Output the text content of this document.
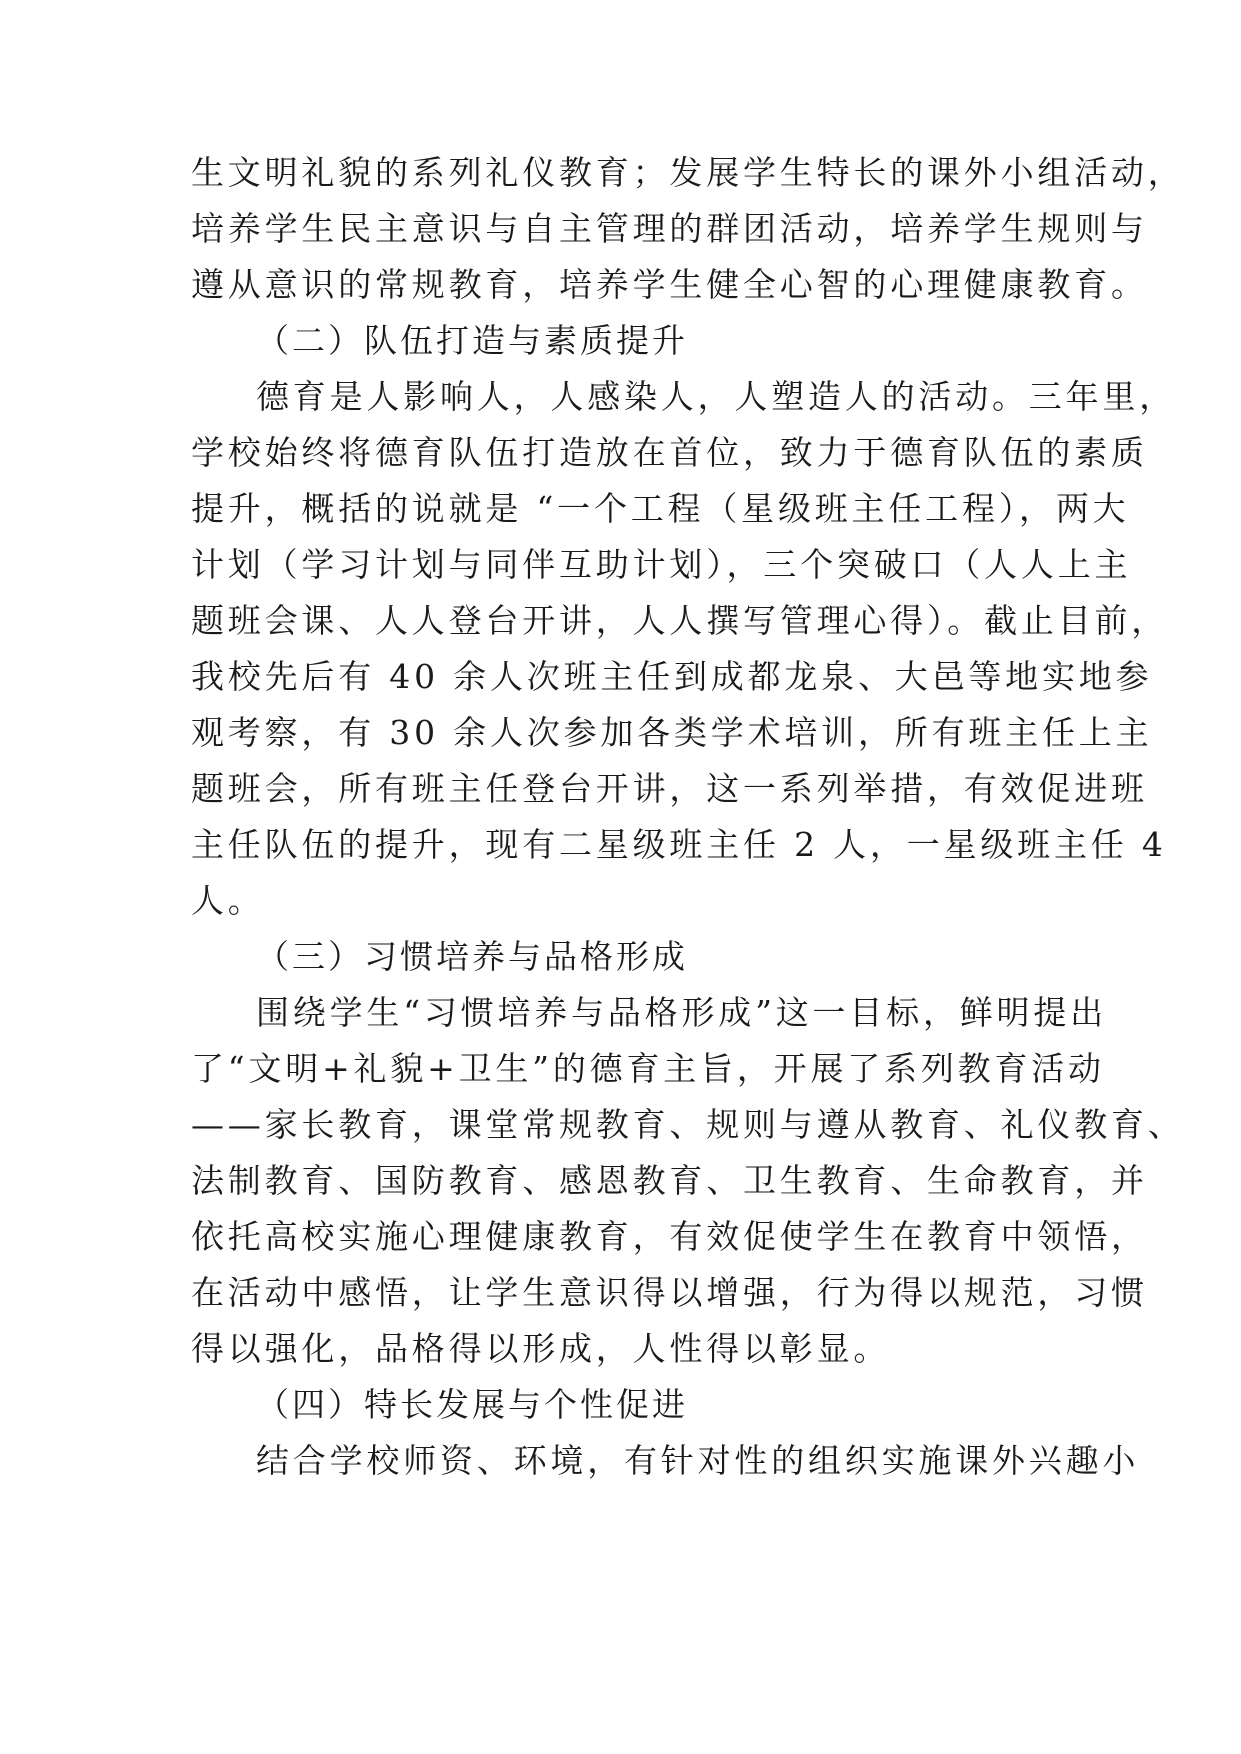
生文明礼貌的系列礼仪教育；发展学生特长的课外小组活动，
培养学生民主意识与自主管理的群团活动，培养学生规则与
遵从意识的常规教育，培养学生健全心智的心理健康教育。
（二）队伍打造与素质提升
德育是人影响人，人感染人，人塑造人的活动。三年里，
学校始终将德育队伍打造放在首位，致力于德育队伍的素质
提升，概括的说就是 “一个工程（星级班主任工程），两大
计划（学习计划与同伴互助计划），三个突破口（人人上主
题班会课、人人登台开讲，人人撰写管理心得）。截止目前，
我校先后有 40 余人次班主任到成都龙泉、大邑等地实地参
观考察，有 30 余人次参加各类学术培训，所有班主任上主
题班会，所有班主任登台开讲，这一系列举措，有效促进班
主任队伍的提升，现有二星级班主任 2 人，一星级班主任 4
人。
（三）习惯培养与品格形成
围绕学生“习惯培养与品格形成”这一目标，鲜明提出
了“文明+礼貌+卫生”的德育主旨，开展了系列教育活动
——家长教育，课堂常规教育、规则与遵从教育、礼仪教育、
法制教育、国防教育、感恩教育、卫生教育、生命教育，并
依托高校实施心理健康教育，有效促使学生在教育中领悟，
在活动中感悟，让学生意识得以增强，行为得以规范，习惯
得以强化，品格得以形成，人性得以彰显。
（四）特长发展与个性促进
结合学校师资、环境，有针对性的组织实施课外兴趣小
